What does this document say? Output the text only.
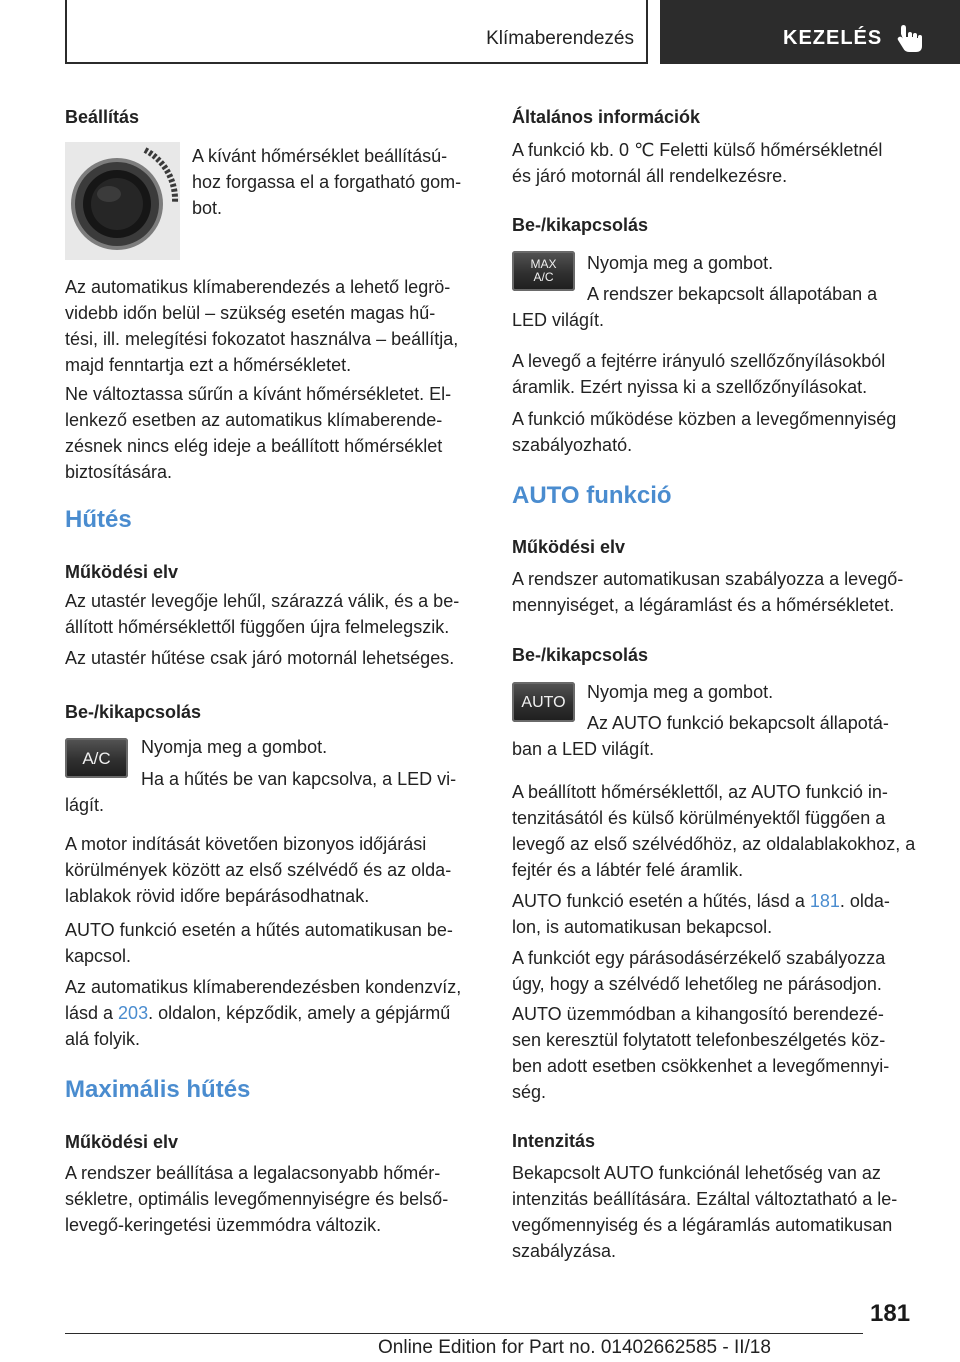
Klímaberendezés	KEZELÉS
Beállítás
A kívánt hőmérséklet beállítású-
hoz forgassa el a forgatható gom-
bot.
Az automatikus klímaberendezés a lehető legrö-
videbb időn belül – szükség esetén magas hű-
tési, ill. melegítési fokozatot használva – beállítja,
majd fenntartja ezt a hőmérsékletet.
Ne változtassa sűrűn a kívánt hőmérsékletet. El-
lenkező esetben az automatikus klímaberende-
zésnek nincs elég ideje a beállított hőmérséklet
biztosítására.
Hűtés
Működési elv
Az utastér levegője lehűl, szárazzá válik, és a be-
állított hőmérséklettől függően újra felmelegszik.
Az utastér hűtése csak járó motornál lehetséges.
Be-/kikapcsolás
A/C
Nyomja meg a gombot.
Ha a hűtés be van kapcsolva, a LED vi-
lágít.
A motor indítását követően bizonyos időjárási
körülmények között az első szélvédő és az olda-
lablakok rövid időre bepárásodhatnak.
AUTO funkció esetén a hűtés automatikusan be-
kapcsol.
Az automatikus klímaberendezésben kondenzvíz,
lásd a 203. oldalon, képződik, amely a gépjármű
alá folyik.
Maximális hűtés
Működési elv
A rendszer beállítása a legalacsonyabb hőmér-
sékletre, optimális levegőmennyiségre és belső-
levegő-keringetési üzemmódra változik.
Általános információk
A funkció kb. 0 ℃ Feletti külső hőmérsékletnél
és járó motornál áll rendelkezésre.
Be-/kikapcsolás
MAX
A/C
Nyomja meg a gombot.
A rendszer bekapcsolt állapotában a
LED világít.
A levegő a fejtérre irányuló szellőzőnyílásokból
áramlik. Ezért nyissa ki a szellőzőnyílásokat.
A funkció működése közben a levegőmennyiség
szabályozható.
AUTO funkció
Működési elv
A rendszer automatikusan szabályozza a levegő-
mennyiséget, a légáramlást és a hőmérsékletet.
Be-/kikapcsolás
AUTO	Nyomja meg a gombot.
Az AUTO funkció bekapcsolt állapotá-
ban a LED világít.
A beállított hőmérséklettől, az AUTO funkció in-
tenzitásától és külső körülményektől függően a
levegő az első szélvédőhöz, az oldalablakokhoz, a
fejtér és a lábtér felé áramlik.
AUTO funkció esetén a hűtés, lásd a 181. olda-
lon, is automatikusan bekapcsol.
A funkciót egy párásodásérzékelő szabályozza
úgy, hogy a szélvédő lehetőleg ne párásodjon.
AUTO üzemmódban a kihangosító berendezé-
sen keresztül folytatott telefonbeszélgetés köz-
ben adott esetben csökkenhet a levegőmennyi-
ség.
Intenzitás
Bekapcsolt AUTO funkciónál lehetőség van az
intenzitás beállítására. Ezáltal változtatható a le-
vegőmennyiség és a légáramlás automatikusan
szabályzása.
181
Online Edition for Part no. 01402662585 - II/18
